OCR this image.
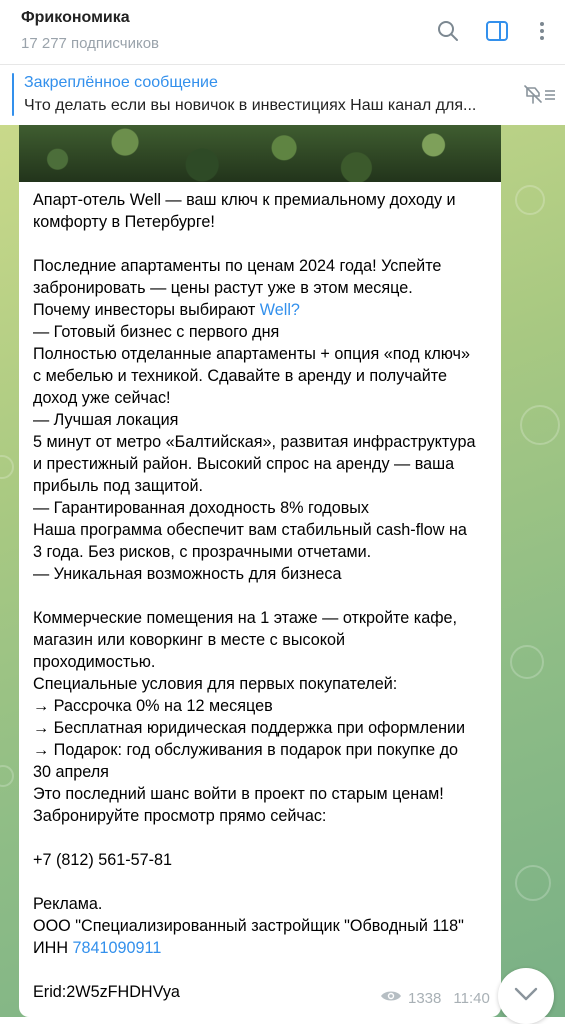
Фрикономика
17 277 подписчиков
Закреплённое сообщение
Что делать если вы новичок в инвестициях Наш канал для...
Апарт-отель Well — ваш ключ к премиальному доходу и
комфорту в Петербурге!
Последние апартаменты по ценам 2024 года! Успейте
забронировать — цены растут уже в этом месяце.
Почему инвесторы выбирают Well?
— Готовый бизнес с первого дня
Полностью отделанные апартаменты + опция «под ключ»
с мебелью и техникой. Сдавайте в аренду и получайте
доход уже сейчас!
— Лучшая локация
5 минут от метро «Балтийская», развитая инфраструктура
и престижный район. Высокий спрос на аренду — ваша
прибыль под защитой.
— Гарантированная доходность 8% годовых
Наша программа обеспечит вам стабильный cash-flow на
3 года. Без рисков, с прозрачными отчетами.
— Уникальная возможность для бизнеса
Коммерческие помещения на 1 этаже — откройте кафе,
магазин или коворкинг в месте с высокой
проходимостью.
Специальные условия для первых покупателей:
→ Рассрочка 0% на 12 месяцев
→ Бесплатная юридическая поддержка при оформлении
→ Подарок: год обслуживания в подарок при покупке до
30 апреля
Это последний шанс войти в проект по старым ценам!
Забронируйте просмотр прямо сейчас:
+7 (812) 561-57-81
Реклама.
ООО "Специализированный застройщик "Обводный 118"
ИНН 7841090911
Erid:2W5zFHDHVya	1338 11:40
